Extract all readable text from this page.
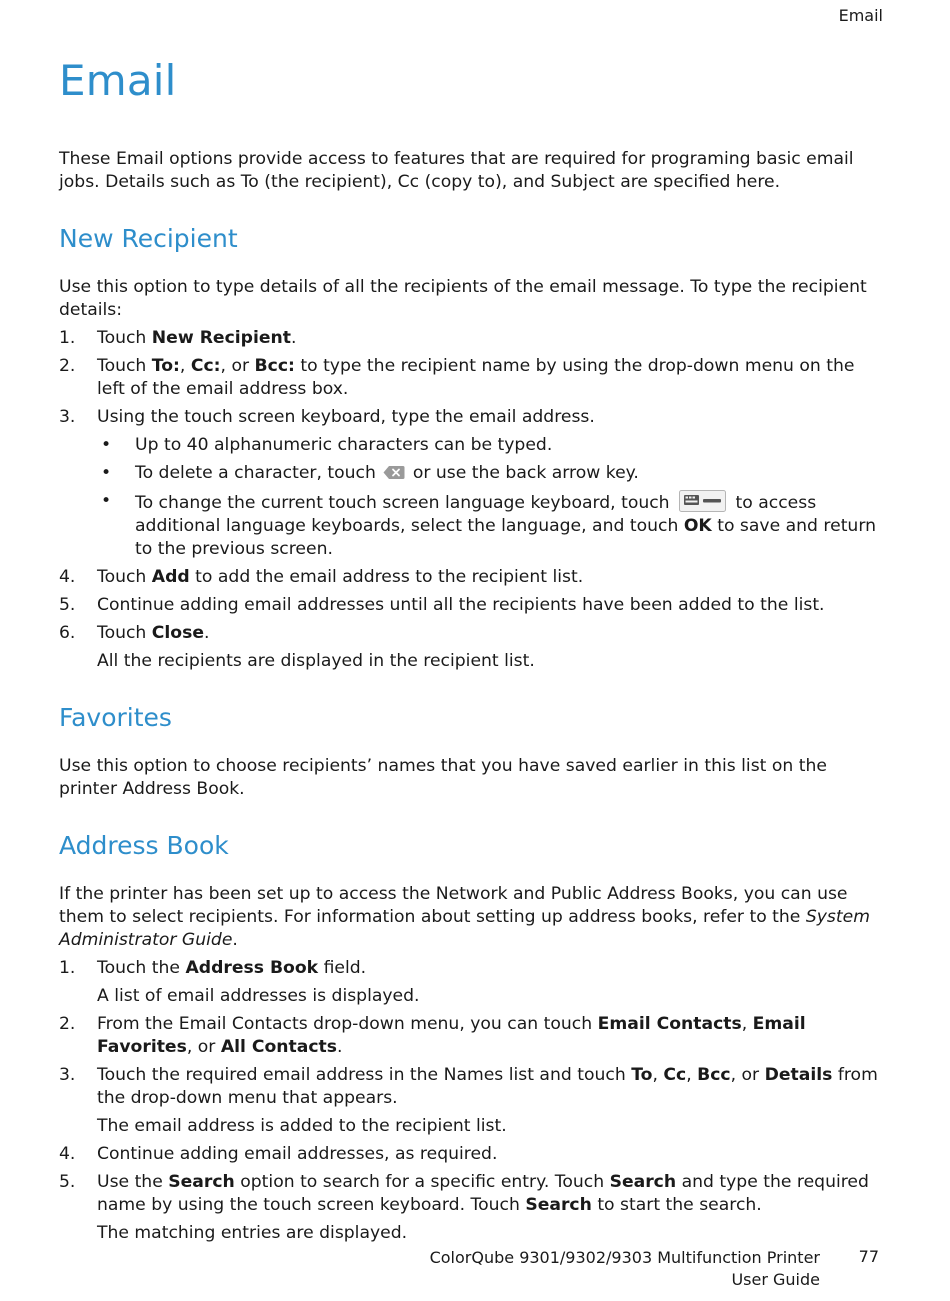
Email
Email

These Email options provide access to features that are required for programing basic email jobs. Details such as To (the recipient), Cc (copy to), and Subject are specified here.

New Recipient

Use this option to type details of all the recipients of the email message. To type the recipient details:

1. Touch New Recipient.
2. Touch To:, Cc:, or Bcc: to type the recipient name by using the drop-down menu on the left of the email address box.
3. Using the touch screen keyboard, type the email address.
• Up to 40 alphanumeric characters can be typed.
• To delete a character, touch or use the back arrow key.
• To change the current touch screen language keyboard, touch	to access additional language keyboards, select the language, and touch OK to save and return to the previous screen.
4. Touch Add to add the email address to the recipient list.
5. Continue adding email addresses until all the recipients have been added to the list.
6. Touch Close.

All the recipients are displayed in the recipient list.

Favorites

Use this option to choose recipients’ names that you have saved earlier in this list on the printer Address Book.

Address Book

If the printer has been set up to access the Network and Public Address Books, you can use them to select recipients. For information about setting up address books, refer to the System Administrator Guide.

1. Touch the Address Book field.

A list of email addresses is displayed.

2. From the Email Contacts drop-down menu, you can touch Email Contacts, Email Favorites, or All Contacts.
3. Touch the required email address in the Names list and touch To, Cc, Bcc, or Details from the drop-down menu that appears.

The email address is added to the recipient list.

4. Continue adding email addresses, as required.
5. Use the Search option to search for a specific entry. Touch Search and type the required name by using the touch screen keyboard. Touch Search to start the search.

The matching entries are displayed.

ColorQube 9301/9302/9303 Multifunction Printer
User Guide
77
